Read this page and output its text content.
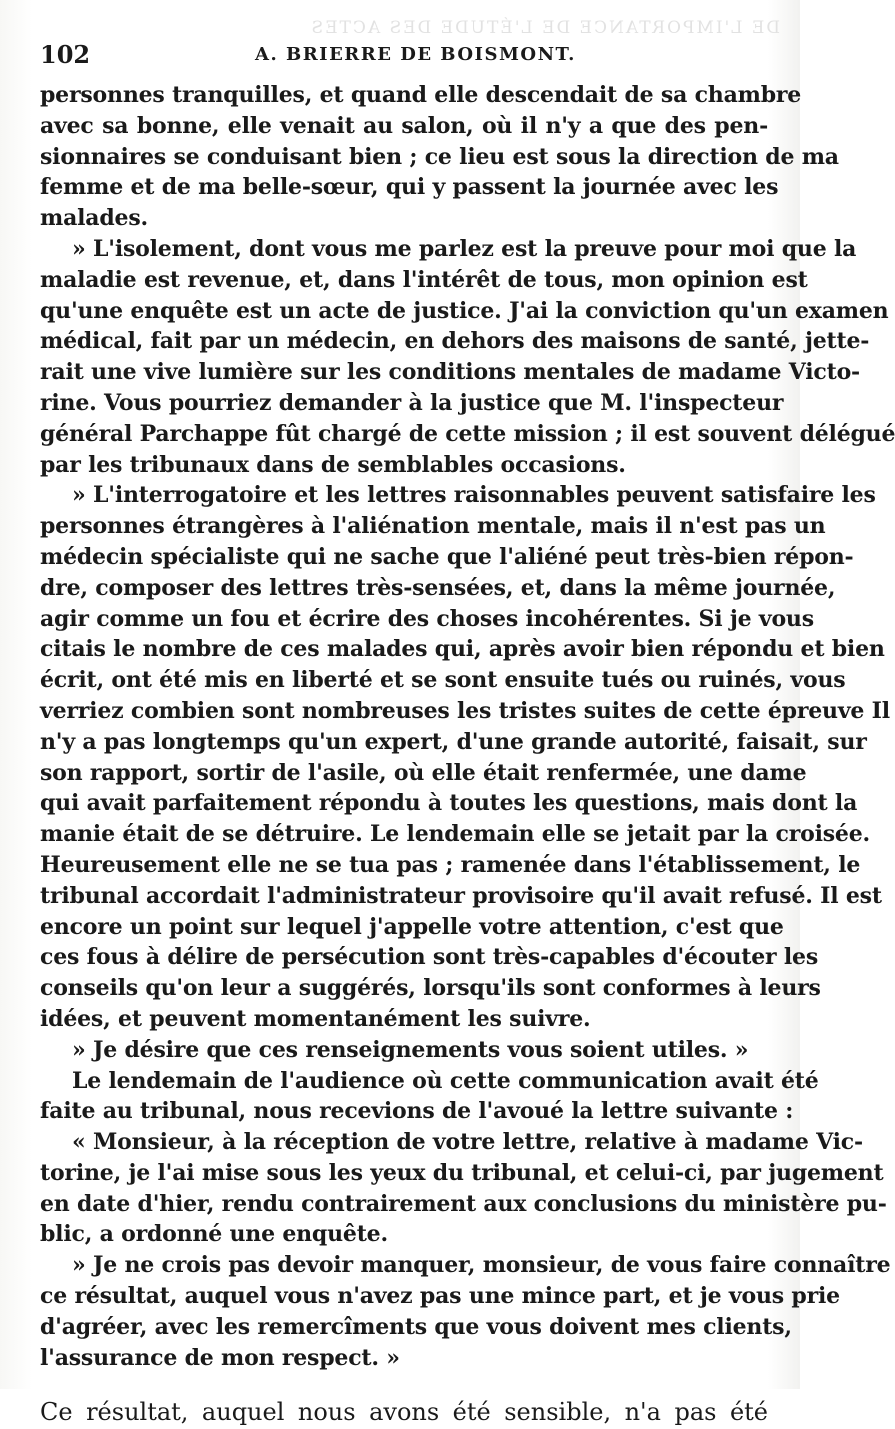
DE L'IMPORTANCE DE L'ÉTUDE DES ACTES
102	A. BRIERRE DE BOISMONT.
personnes tranquilles, et quand elle descendait de sa chambre
avec sa bonne, elle venait au salon, où il n'y a que des pen-
sionnaires se conduisant bien ; ce lieu est sous la direction de ma
femme et de ma belle-sœur, qui y passent la journée avec les
malades.
» L'isolement, dont vous me parlez est la preuve pour moi que la
maladie est revenue, et, dans l'intérêt de tous, mon opinion est
qu'une enquête est un acte de justice. J'ai la conviction qu'un examen
médical, fait par un médecin, en dehors des maisons de santé, jette-
rait une vive lumière sur les conditions mentales de madame Victo-
rine. Vous pourriez demander à la justice que M. l'inspecteur
général Parchappe fût chargé de cette mission ; il est souvent délégué
par les tribunaux dans de semblables occasions.
» L'interrogatoire et les lettres raisonnables peuvent satisfaire les
personnes étrangères à l'aliénation mentale, mais il n'est pas un
médecin spécialiste qui ne sache que l'aliéné peut très-bien répon-
dre, composer des lettres très-sensées, et, dans la même journée,
agir comme un fou et écrire des choses incohérentes. Si je vous
citais le nombre de ces malades qui, après avoir bien répondu et bien
écrit, ont été mis en liberté et se sont ensuite tués ou ruinés, vous
verriez combien sont nombreuses les tristes suites de cette épreuve Il
n'y a pas longtemps qu'un expert, d'une grande autorité, faisait, sur
son rapport, sortir de l'asile, où elle était renfermée, une dame
qui avait parfaitement répondu à toutes les questions, mais dont la
manie était de se détruire. Le lendemain elle se jetait par la croisée.
Heureusement elle ne se tua pas ; ramenée dans l'établissement, le
tribunal accordait l'administrateur provisoire qu'il avait refusé. Il est
encore un point sur lequel j'appelle votre attention, c'est que
ces fous à délire de persécution sont très-capables d'écouter les
conseils qu'on leur a suggérés, lorsqu'ils sont conformes à leurs
idées, et peuvent momentanément les suivre.
» Je désire que ces renseignements vous soient utiles. »
Le lendemain de l'audience où cette communication avait été
faite au tribunal, nous recevions de l'avoué la lettre suivante :
« Monsieur, à la réception de votre lettre, relative à madame Vic-
torine, je l'ai mise sous les yeux du tribunal, et celui-ci, par jugement
en date d'hier, rendu contrairement aux conclusions du ministère pu-
blic, a ordonné une enquête.
» Je ne crois pas devoir manquer, monsieur, de vous faire connaître
ce résultat, auquel vous n'avez pas une mince part, et je vous prie
d'agréer, avec les remercîments que vous doivent mes clients,
l'assurance de mon respect. »
Ce résultat, auquel nous avons été sensible, n'a pas été
